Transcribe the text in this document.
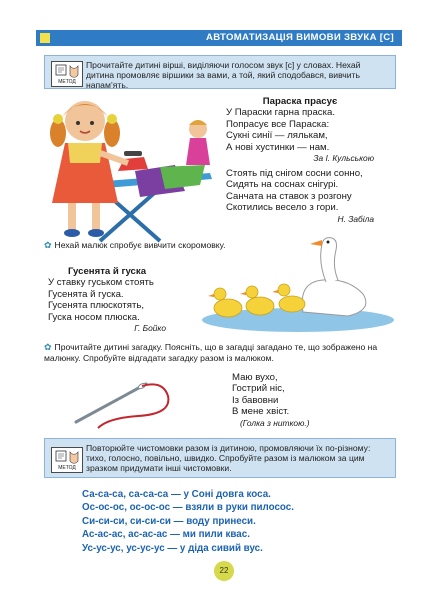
АВТОМАТИЗАЦІЯ ВИМОВИ ЗВУКА [С]
МЕТОД
Прочитайте дитині вірші, виділяючи голосом звук [с] у словах. Нехай дитина промовляє віршики за вами, а той, який сподобався, вивчить напам’ять.
Параска прасує
У Параски гарна праска.
Попрасує все Параска:
Сукні синії — лялькам,
А нові хустинки — нам.
За І. Кульською
Стоять під снігом сосни сонно,
Сидять на соснах снігурі.
Санчата на ставок з розгону
Скотились весело з гори.
Н. Забіла
✿ Нехай малюк спробує вивчити скоромовку.
Гусенята й гуска
У ставку гуськом стоять
Гусенята й гуска.
Гусенята плюскотять,
Гуска носом плюска.
Г. Бойко
✿ Прочитайте дитині загадку. Поясніть, що в загадці загадано те, що зображено на малюнку. Спробуйте відгадати загадку разом із малюком.
Маю вухо,
Гострий ніс,
Із бавовни
В мене хвіст.
(Голка з ниткою.)
МЕТОД
Повторюйте чистомовки разом із дитиною, промовляючи їх по-різному: тихо, голосно, повільно, швидко. Спробуйте разом із малюком за цим зразком придумати інші чистомовки.
Са-са-са, са-са-са — у Соні довга коса.
Ос-ос-ос, ос-ос-ос — взяли в руки пилосос.
Си-си-си, си-си-си — воду принеси.
Ас-ас-ас, ас-ас-ас — ми пили квас.
Ус-ус-ус, ус-ус-ус — у діда сивий вус.
22
